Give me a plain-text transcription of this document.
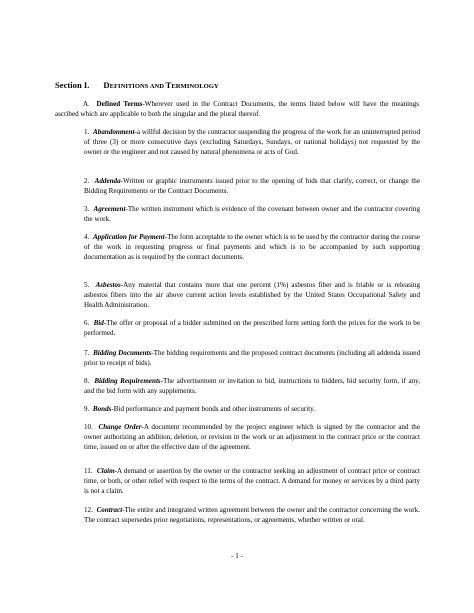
Section I. DEFINITIONS AND TERMINOLOGY
A. Defined Terms-Wherever used in the Contract Documents, the terms listed below will have the meanings ascribed which are applicable to both the singular and the plural thereof.
1. Abandonment-a willful decision by the contractor suspending the progress of the work for an uninterrupted period of three (3) or more consecutive days (excluding Saturdays, Sundays, or national holidays) not requested by the owner or the engineer and not caused by natural phenomena or acts of God.
2. Addenda-Written or graphic instruments issued prior to the opening of bids that clarify, correct, or change the Bidding Requirements or the Contract Documents.
3. Agreement-The written instrument which is evidence of the covenant between owner and the contractor covering the work.
4. Application for Payment-The form acceptable to the owner which is to be used by the contractor during the course of the work in requesting progress or final payments and which is to be accompanied by such supporting documentation as is required by the contract documents.
5. Asbestos-Any material that contains more that one percent (1%) asbestos fiber and is friable or is releasing asbestos fibers into the air above current action levels established by the United States Occupational Safety and Health Administration.
6. Bid-The offer or proposal of a bidder submitted on the prescribed form setting forth the prices for the work to be performed.
7. Bidding Documents-The bidding requirements and the proposed contract documents (including all addenda issued prior to receipt of bids).
8. Bidding Requirements-The advertisement or invitation to bid, instructions to bidders, bid security form, if any, and the bid form with any supplements.
9. Bonds-Bid performance and payment bonds and other instruments of security.
10. Change Order-A document recommended by the project engineer which is signed by the contractor and the owner authorizing an addition, deletion, or revision in the work or an adjustment in the contract price or the contract time, issued on or after the effective date of the agreement.
11. Claim-A demand or assertion by the owner or the contractor seeking an adjustment of contract price or contract time, or both, or other relief with respect to the terms of the contract. A demand for money or services by a third party is not a claim.
12. Contract-The entire and integrated written agreement between the owner and the contractor concerning the work. The contract supersedes prior negotiations, representations, or agreements, whether written or oral.
- 1 -
